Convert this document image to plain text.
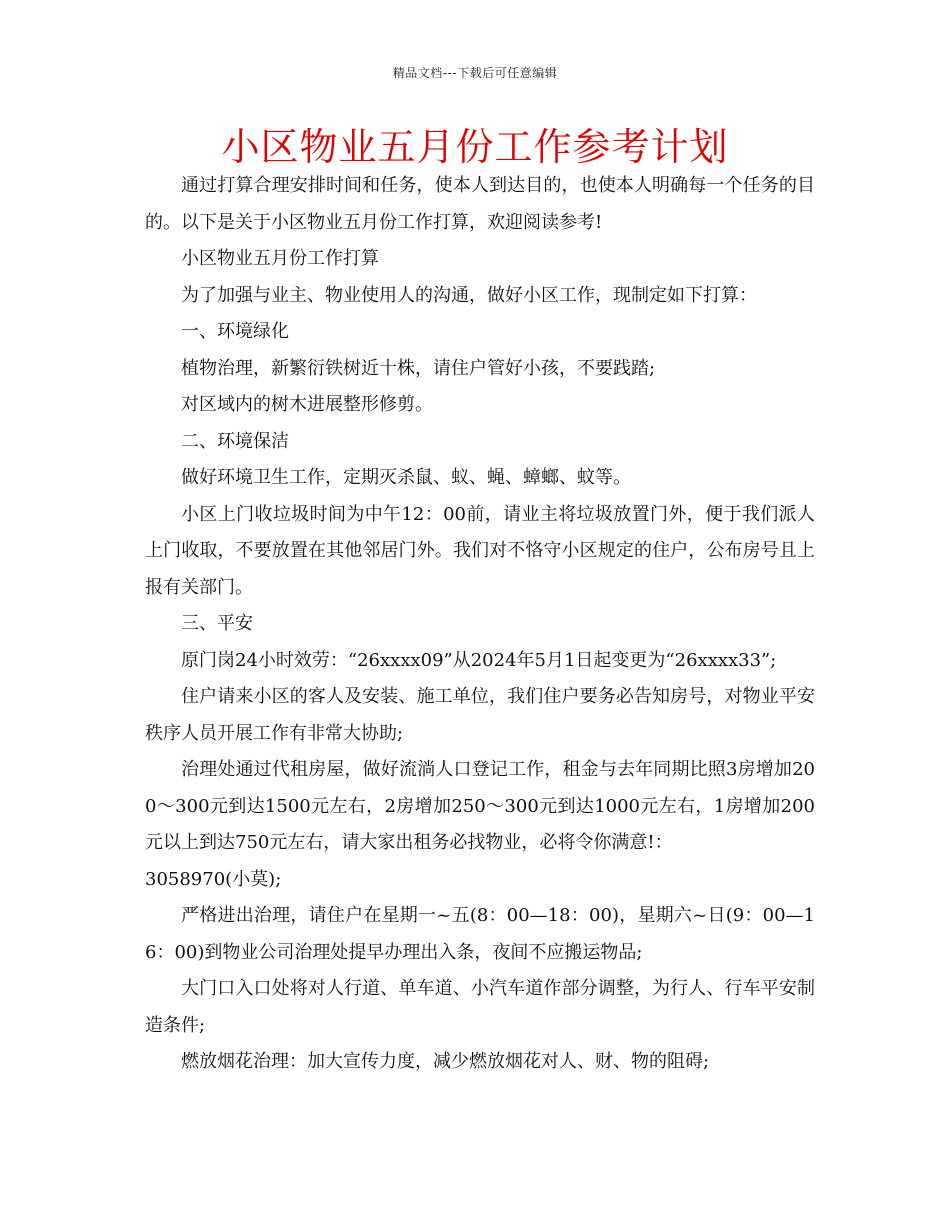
精品文档---下载后可任意编辑
小区物业五月份工作参考计划

通过打算合理安排时间和任务，使本人到达目的，也使本人明确每一个任务的目的。以下是关于小区物业五月份工作打算，欢迎阅读参考!

小区物业五月份工作打算

为了加强与业主、物业使用人的沟通，做好小区工作，现制定如下打算：

一、环境绿化

植物治理，新繁衍铁树近十株，请住户管好小孩，不要践踏;

对区域内的树木进展整形修剪。

二、环境保洁

做好环境卫生工作，定期灭杀鼠、蚁、蝇、蟑螂、蚊等。

小区上门收垃圾时间为中午12：00前，请业主将垃圾放置门外，便于我们派人上门收取，不要放置在其他邻居门外。我们对不恪守小区规定的住户，公布房号且上报有关部门。

三、平安

原门岗24小时效劳：“26xxxx09”从2024年5月1日起变更为“26xxxx33”;

住户请来小区的客人及安装、施工单位，我们住户要务必告知房号，对物业平安秩序人员开展工作有非常大协助;

治理处通过代租房屋，做好流淌人口登记工作，租金与去年同期比照3房增加200～300元到达1500元左右，2房增加250～300元到达1000元左右，1房增加200元以上到达750元左右，请大家出租务必找物业，必将令你满意!：

3058970(小莫);

严格进出治理，请住户在星期一~五(8：00—18：00)，星期六~日(9：00—16：00)到物业公司治理处提早办理出入条，夜间不应搬运物品;

大门口入口处将对人行道、单车道、小汽车道作部分调整，为行人、行车平安制造条件;

燃放烟花治理：加大宣传力度，减少燃放烟花对人、财、物的阻碍;
